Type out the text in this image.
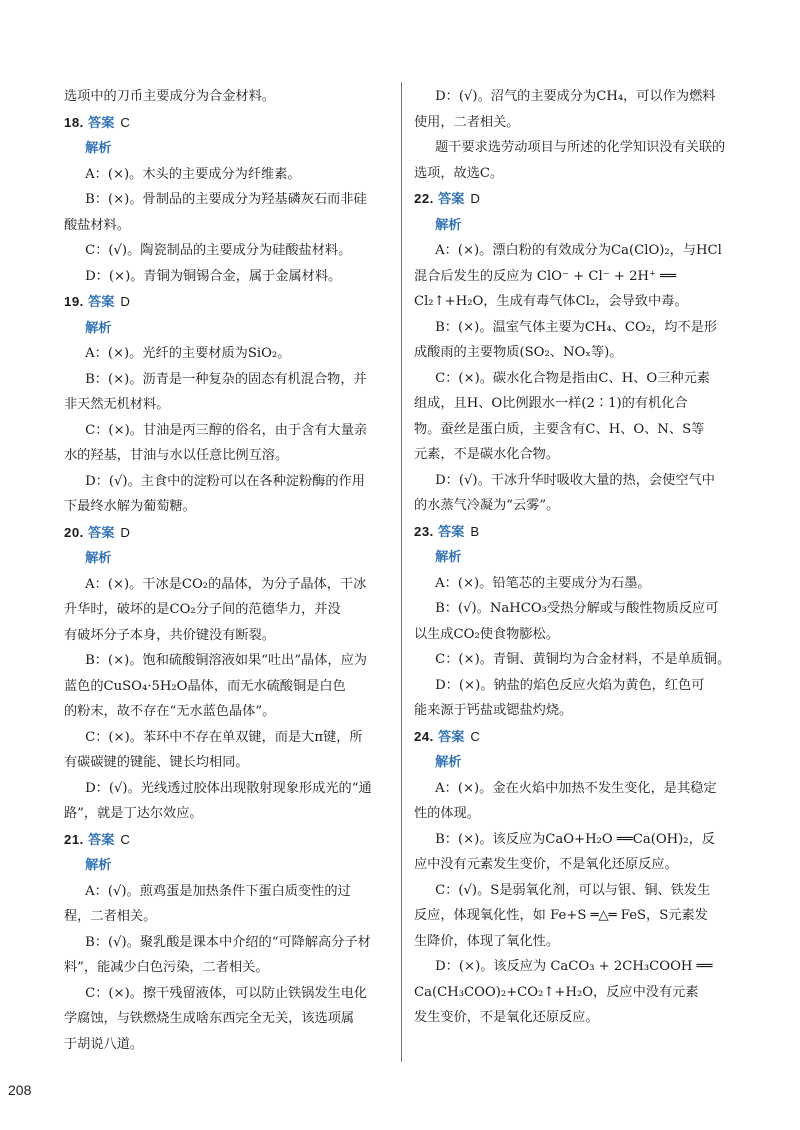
选项中的刀币主要成分为合金材料。

18. 答案 C

解析

A：(×)。木头的主要成分为纤维素。

B：(×)。骨制品的主要成分为羟基磷灰石而非硅

酸盐材料。

C：(√)。陶瓷制品的主要成分为硅酸盐材料。

D：(×)。青铜为铜锡合金，属于金属材料。

19. 答案 D

解析

A：(×)。光纤的主要材质为SiO₂。

B：(×)。沥青是一种复杂的固态有机混合物，并

非天然无机材料。

C：(×)。甘油是丙三醇的俗名，由于含有大量亲

水的羟基，甘油与水以任意比例互溶。

D：(√)。主食中的淀粉可以在各种淀粉酶的作用

下最终水解为葡萄糖。

20. 答案 D

解析

A：(×)。干冰是CO₂的晶体，为分子晶体，干冰

升华时，破坏的是CO₂分子间的范德华力，并没

有破坏分子本身，共价键没有断裂。

B：(×)。饱和硫酸铜溶液如果“吐出”晶体，应为

蓝色的CuSO₄·5H₂O晶体，而无水硫酸铜是白色

的粉末，故不存在“无水蓝色晶体”。

C：(×)。苯环中不存在单双键，而是大π键，所

有碳碳键的键能、键长均相同。

D：(√)。光线透过胶体出现散射现象形成光的“通

路”，就是丁达尔效应。

21. 答案 C

解析

A：(√)。煎鸡蛋是加热条件下蛋白质变性的过

程，二者相关。

B：(√)。聚乳酸是课本中介绍的“可降解高分子材

料”，能减少白色污染，二者相关。

C：(×)。擦干残留液体，可以防止铁锅发生电化

学腐蚀，与铁燃烧生成啥东西完全无关，该选项属

于胡说八道。

D：(√)。沼气的主要成分为CH₄，可以作为燃料

使用，二者相关。

题干要求选劳动项目与所述的化学知识没有关联的

选项，故选C。

22. 答案 D

解析

A：(×)。漂白粉的有效成分为Ca(ClO)₂，与HCl

混合后发生的反应为 ClO⁻ + Cl⁻ + 2H⁺ ══

Cl₂↑+H₂O，生成有毒气体Cl₂，会导致中毒。

B：(×)。温室气体主要为CH₄、CO₂，均不是形

成酸雨的主要物质(SO₂、NOₓ等)。

C：(×)。碳水化合物是指由C、H、O三种元素

组成，且H、O比例跟水一样(2∶1)的有机化合

物。蚕丝是蛋白质，主要含有C、H、O、N、S等

元素，不是碳水化合物。

D：(√)。干冰升华时吸收大量的热，会使空气中

的水蒸气冷凝为“云雾”。

23. 答案 B

解析

A：(×)。铅笔芯的主要成分为石墨。

B：(√)。NaHCO₃受热分解或与酸性物质反应可

以生成CO₂使食物膨松。

C：(×)。青铜、黄铜均为合金材料，不是单质铜。

D：(×)。钠盐的焰色反应火焰为黄色，红色可

能来源于钙盐或锶盐灼烧。

24. 答案 C

解析

A：(×)。金在火焰中加热不发生变化，是其稳定

性的体现。

B：(×)。该反应为CaO+H₂O ══Ca(OH)₂，反

应中没有元素发生变价，不是氧化还原反应。

C：(√)。S是弱氧化剂，可以与银、铜、铁发生

反应，体现氧化性，如 Fe+S ═△═ FeS，S元素发

生降价，体现了氧化性。

D：(×)。该反应为 CaCO₃ + 2CH₃COOH ══

Ca(CH₃COO)₂+CO₂↑+H₂O，反应中没有元素

发生变价，不是氧化还原反应。

208
